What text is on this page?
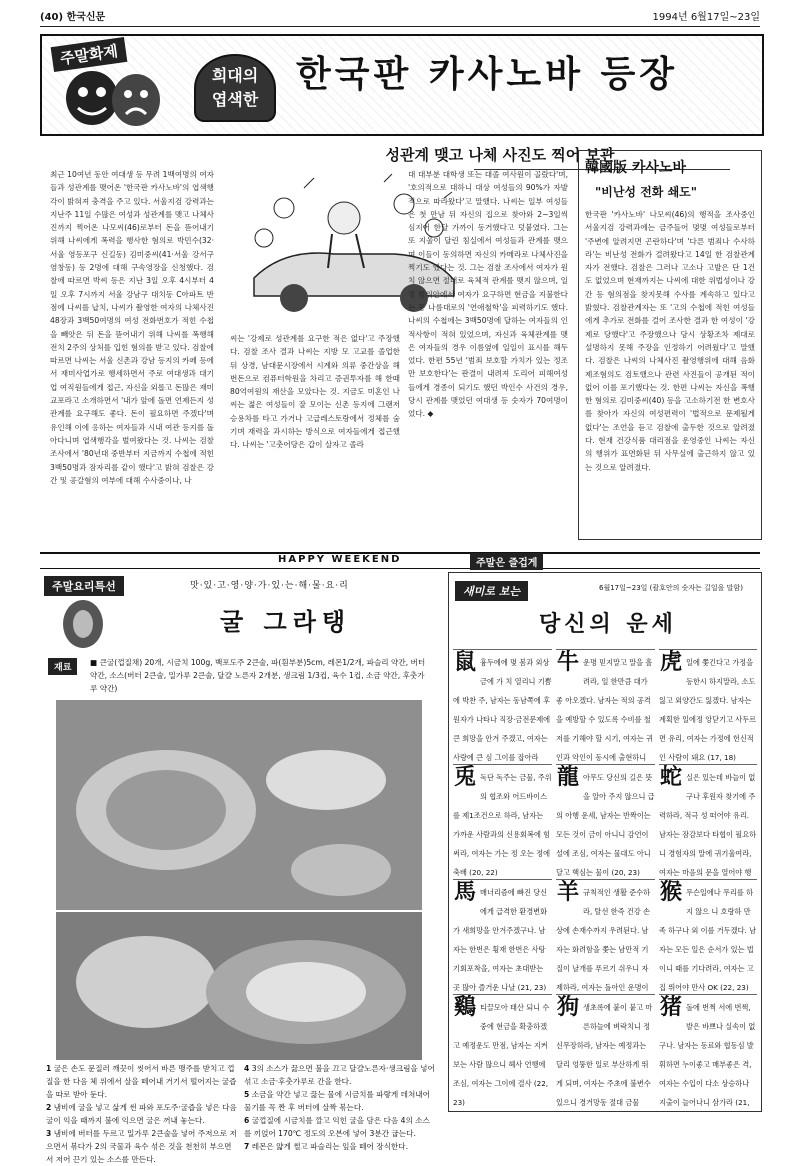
(40) 한국신문	1994년 6월17일~23일
주말화제
희대의
엽색한
한국판 카사노바 등장
성관계 맺고 나체 사진도 찍어 보관
최근 10여년 동안 여대생 등 무려 1백여명의 여자들과 성관계를 맺어온 '한국판 카사노바'의 엽색행각이 밝혀져 충격을 주고 있다. 서울지검 강력과는 지난주 11일 수많은 여성과 성관계를 맺고 나체사진까지 찍어온 나모씨(46)로부터 돈을 뜯어내기 위해 나씨에게 폭력을 행사한 혐의로 박민수(32·서울 영등포구 신길동) 김미중씨(41·서울 강서구 염창동) 등 2명에 대해 구속영장을 신청했다. 검찰에 따르면 박씨 등은 지난 3일 오후 4시부터 4일 오후 7시까지 서울 강남구 대치동 C아파트 반점에 나씨를 납치, 나씨가 촬영한 여자의 나체사진 48장과 3백50여명의 여성 전화번호가 적힌 수첩을 빼앗은 뒤 돈을 뜯어내기 위해 나씨를 폭행해 전치 2주의 상처를 입힌 혐의를 받고 있다. 검찰에 따르면 나씨는 서울 신촌과 강남 등지의 카페 등에서 재미사업가로 행세하면서 주로 여대생과 대기업 여직원들에게 접근, 자신을 외롭고 돈많은 재미교포라고 소개하면서 '내가 앞에 돌면 언제든지 성관계를 요구해도 좋다. 돈이 필요하면 주겠다'며 유인해 이에 응하는 여자들과 시내 여관 등지를 돌아다니며 엽색행각을 벌여왔다는 것. 나씨는 검찰조사에서 '80년대 중반부터 지금까지 수첩에 적힌 3백50명과 잠자리를 같이 했다'고 밝혀 검찰은 강간 및 공갈혐의 여부에 대해 수사중이나, 나
씨는 '강제로 성관계를 요구한 적은 없다'고 주장했다. 검찰 조사 결과 나씨는 지방 모 고교를 졸업한 뒤 상경, 남대문시장에서 시계와 의류 중간상을 해 번돈으로 컴퓨터학원을 차리고 증권투자를 해 한때 80억여원의 재산을 모았다는 것. 지금도 미혼인 나씨는 젊은 여성들이 잘 모이는 신촌 등지에 그랜저승용차를 타고 가거나 고급레스토랑에서 정체를 숨기며 재력을 과시하는 방식으로 여자들에게 접근했다. 나씨는 '고춧어당은 갑이 살자고 졸라
대 대부분 대학생 또는 대졸 여사원이 골랐다'며, '호의적으로 대하니 대상 여성들의 90%가 자발적으로 따라왔다'고 말했다. 나씨는 일부 여성들은 첫 만남 뒤 자신의 집으로 찾아와 2~3일씩 심지어 한달 가까이 동거했다고 덧붙였다. 그는 또 지울이 달린 침실에서 여성들과 관계를 맺으며 이들이 동의하면 자신의 카메라로 나체사진을 찍기도 했다는 것. 그는 검찰 조사에서 여자가 원치 않으면 절대로 육체적 관계를 맺지 않으며, 일정 범위안에서 여자가 요구하면 현금을 지불한다는 등 나름대로의 '연애철학'을 피력하기도 했다. 나씨의 수첩에는 3백50명에 달하는 여자들의 인적사항이 적혀 있었으며, 자신과 육체관계를 맺은 여자들의 경우 이름옆에 일일이 표시를 해두었다. 한편 55년 '범죄 보호할 가치가 있는 정조만 보호한다'는 판결이 내려져 도리어 피해여성들에게 경종이 되기도 했던 박인수 사건의 경우, 당시 관계를 맺었던 여대생 등 숫자가 70여명이었다. ◆
韓國版 카사노바
"비난성 전화 쇄도"
한국판 '카사노바' 나모씨(46)의 행적을 조사중인 서울지검 강력과에는 금주들어 몇몇 여성들로부터 '주변에 알려지면 곤란하다'며 '다른 범죄나 수사하라'는 비난성 전화가 걸려왔다고 14일 한 검찰관계자가 전했다. 검찰은 그러나 고소나 고발은 단 1건도 없었으며 현재까지는 나씨에 대한 위법성이나 강간 등 혐의점을 찾지못해 수사를 계속하고 있다고 밝혔다. 검찰관계자는 또 '고의 수첩에 적힌 여성들에게 추가로 전화를 걸어 조사한 결과 한 여성이 '강제로 당했다'고 주장했으나 당시 상황조차 제대로 설명하지 못해 주장을 인정하기 어려웠다'고 말했다. 검찰은 나씨의 나체사진 촬영행위에 대해 음화제조혐의도 검토했으나 관련 사진들이 공개된 적이 없어 이를 포기했다는 것. 한편 나씨는 자신을 폭행한 혐의로 김미중씨(40) 등을 고소하기전 한 변호사를 찾아가 자신의 여성편력이 '법적으로 문제될게 없다'는 조언을 듣고 검찰에 출두한 것으로 알려졌다. 현재 건강식품 대리점을 운영중인 나씨는 자신의 행위가 표면화된 뒤 사무실에 출근하지 않고 있는 것으로 알려졌다.
HAPPY WEEKEND	주말은 즐겁게
주말요리특선	맛·있·고·영·양·가·있·는·해·물·요·리
굴 그라탱
재료
■ 큰굴(껍질채) 20개, 시금치 100g, 백포도주 2큰술, 파(흰부분)5cm, 레몬1/2개, 파슬리 약간, 버터 약간, 소스(버터 2큰술, 밀가루 2큰술, 달걀 노른자 2개분, 생크림 1/3컵, 육수 1컵, 소금 약간, 후춧가루 약간)
1 굴은 손도 문질러 깨끗이 씻어서 바른 맹주를 받치고 껍질을 한 다음 체 위에서 살을 떼어내 거기서 떨어지는 굴즙을 따로 받아 둔다.
2 냄비에 굴을 넣고 삶게 썬 파와 포도주·굴즙을 넣은 다음 굴이 익을 때까지 불에 익으면 굴은 꺼내 놓는다.
3 냄비에 버터를 두르고 밀가루 2큰술을 넣어 주저으로 저으면서 볶다가 2의 국물과 육수 섞은 것을 천천히 부으면서 저어 끈기 있는 소스를 만든다.
4 3의 소스가 끓으면 불을 끄고 달걀노른자·생크림을 넣어 섞고 소금·후춧가루로 간을 한다.
5 소금을 약간 넣고 끓는 물에 시금치를 파랗게 데쳐내어 물기를 꼭 짠 후 버터에 살짝 볶는다.
6 굴껍질에 시금치를 깔고 익힌 굴을 담은 다음 4의 소스를 끼얹어 170℃ 정도의 오븐에 넣어 3분간 굽는다.
7 레몬은 얇게 썰고 파슬리는 잎을 떼어 장식한다.
새미로 보는	6월17일~23일 (괄호안의 숫자는 길일을 말함)
당신의 운세
鼠흉두에에 몇 봄과 외상금에 가 치 열리니 기쁨에 박찬 주, 남자는 동남쪽에 후원자가 나타나 직장·금전문제에 큰 희망을 안겨 주겠고, 여자는 사랑에 큰 심 그이를 잡아라
牛운명 믿지말고 말을 흘려라, 일 한만큼 대가 좋 아오겠다. 남자는 적의 공격을 예방할 수 있도록 수비를 철저를 기해야 할 시기, 여자는 귀인과 악인이 동시에 출현하니
虎일에 쫓긴다고 가정을 등한시 하지말라, 소도 잃고 외양간도 잃겠다. 남자는 계획한 일에정 앙닫기고 사두르면 유리, 여자는 가정에 헌신적인 사람이 돼요 (17, 18)
兎독단 독주는 금물, 주위의 협조와 어드바이스를 제1조건으로 하라, 남자는 가까운 사람과의 신용회복에 힘써라, 여자는 가는 정 오는 정에 축배 (20, 22)
龍아무도 당신의 길은 뜻을 알아 주지 않으니 급의 아행 운세, 남자는 반짝이는 모든 것이 금이 아니니 감언이설에 조심, 여자는 물대도 아니 달고 핵심는 물이 (20, 23)
蛇실은 있는데 바늘이 없구나 후원자 찾기에 주력하라, 적극 성 떠어야 유리. 남자는 잠감보다 타협이 필요하니 경험자의 말에 귀기울여라, 여자는 마음의 문을 열어야 행
馬매너리즘에 빠진 당신에게 급격한 환경변화가 새희망을 안겨주겠구나. 남자는 한번은 횡재 한번은 사탕 기회포착을, 여자는 초대받는 곳 많아 즐거운 나날 (21, 23)
羊규칙적인 생활 준수하라, 탈선 한즉 건강 손상에 손재수까지 우려된다. 남자는 화려함을 쫓는 남만적 기질이 날개를 푸르기 쉬우니 자제하라, 여자는 돌아인 운명이
猴무슨일에나 무리를 하지 않으 니 호랑하 만족 하구나 외 이를 거두겠다. 남자는 모든 일은 순서가 있는 법이니 때를 기다려라, 여자는 고집 뛰어야 만사 OK (22, 23)
鷄티끌모아 태산 되니 수중에 현금을 확충하겠고 예정운도 만점, 남자는 지켜보는 사람 많으니 헤사 언행에 조심, 여자는 그이에 결사 (22, 23)
狗생초록에 붙이 붙고 마른하늘에 벼락치니 정신무장하라, 남자는 예정과는 달리 엉뚱한 일로 부산하게 뛰게 되며, 여자는 주초에 불변수있으니 경거망동 절대 금물
猪돌에 번쩍 서에 번쩍, 발은 바쁘나 실속이 없구나. 남자는 동료와 협동심 발휘하면 누이좋고 매부좋은 격, 여자는 수입이 다소 상승하나 지출이 늘어나니 삼가라 (21,
